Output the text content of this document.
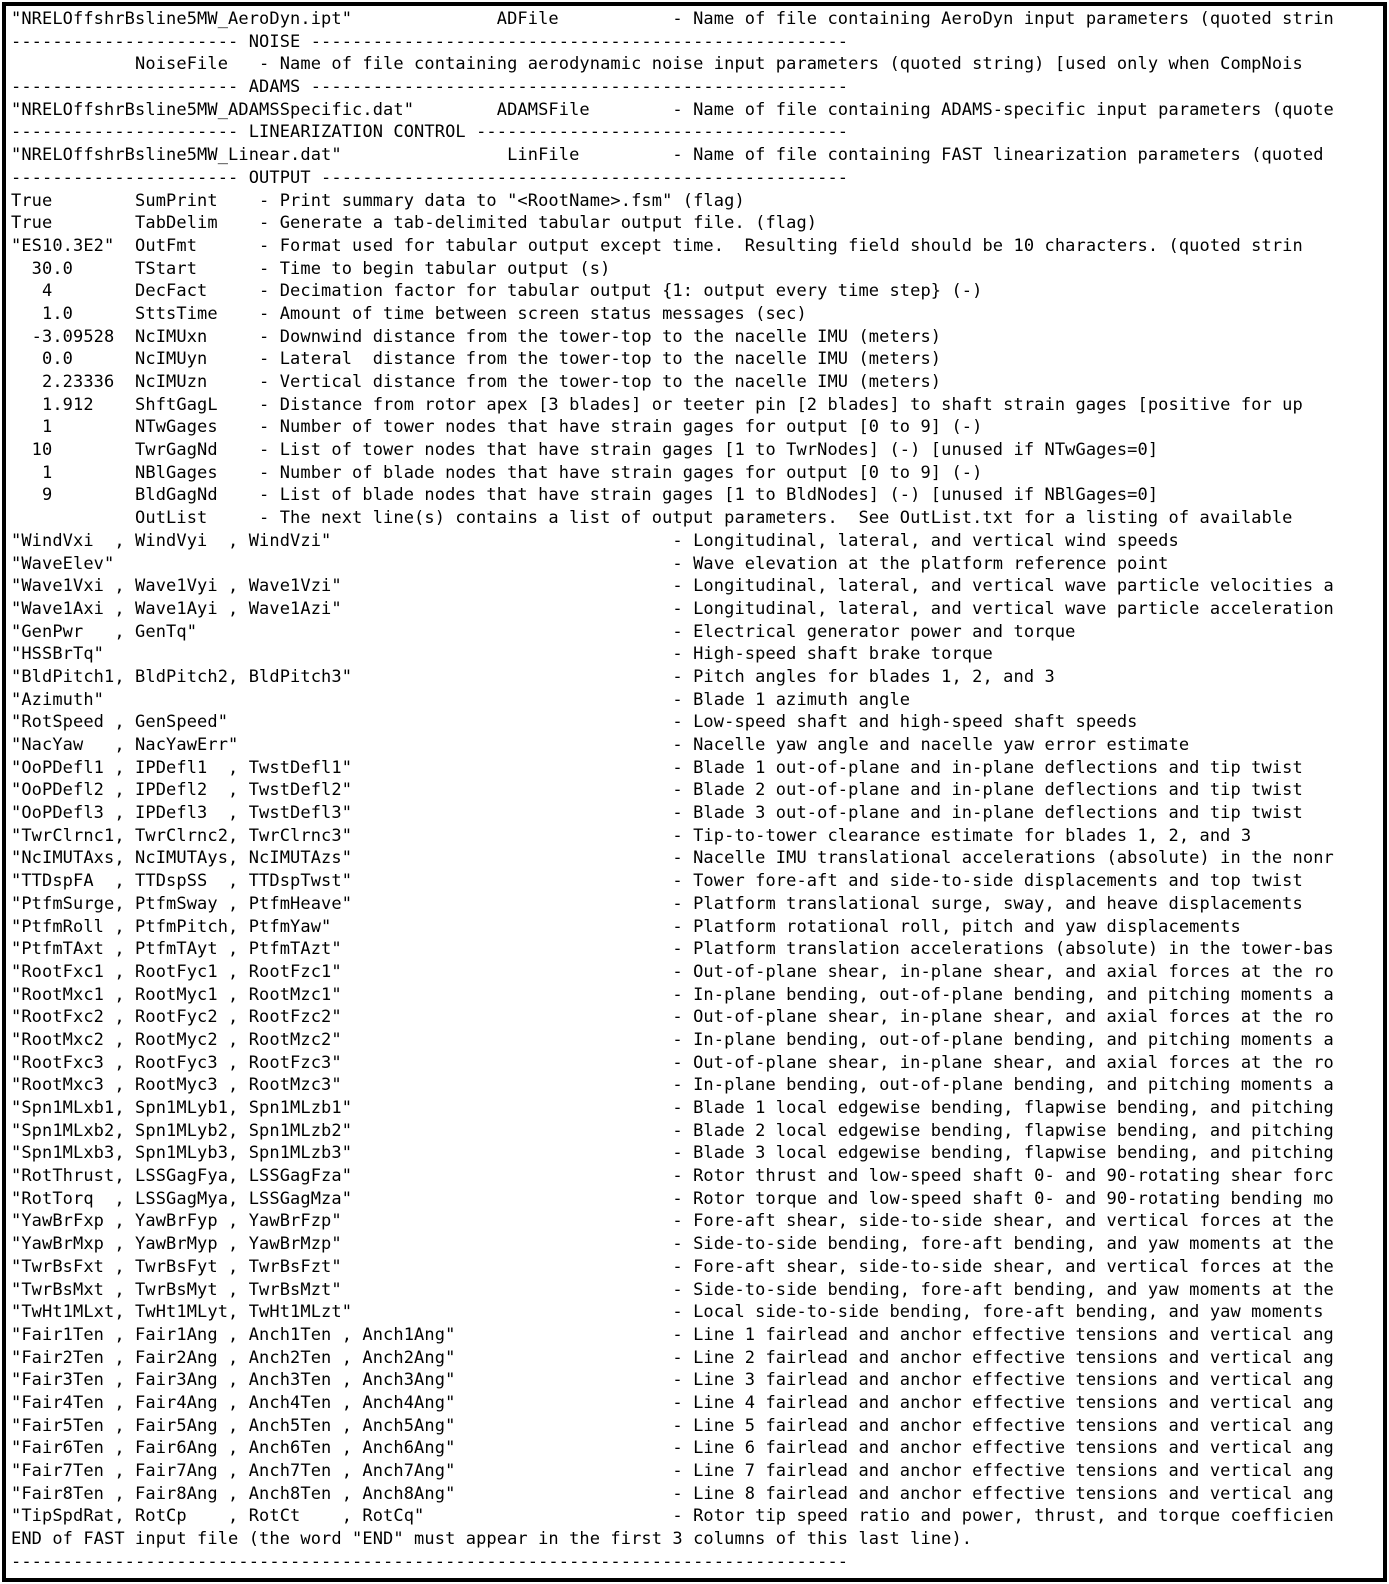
"NRELOffshrBsline5MW_AeroDyn.ipt"              ADFile           - Name of file containing AeroDyn input parameters (quoted strin
---------------------- NOISE ----------------------------------------------------
NoiseFile   - Name of file containing aerodynamic noise input parameters (quoted string) [used only when CompNois
---------------------- ADAMS ----------------------------------------------------
"NRELOffshrBsline5MW_ADAMSSpecific.dat"        ADAMSFile        - Name of file containing ADAMS-specific input parameters (quote
---------------------- LINEARIZATION CONTROL ------------------------------------
"NRELOffshrBsline5MW_Linear.dat"                LinFile         - Name of file containing FAST linearization parameters (quoted
---------------------- OUTPUT ---------------------------------------------------
True        SumPrint    - Print summary data to "<RootName>.fsm" (flag)
True        TabDelim    - Generate a tab-delimited tabular output file. (flag)
"ES10.3E2"  OutFmt      - Format used for tabular output except time.  Resulting field should be 10 characters. (quoted strin
30.0      TStart      - Time to begin tabular output (s)
4        DecFact     - Decimation factor for tabular output {1: output every time step} (-)
1.0      SttsTime    - Amount of time between screen status messages (sec)
-3.09528  NcIMUxn     - Downwind distance from the tower-top to the nacelle IMU (meters)
0.0      NcIMUyn     - Lateral  distance from the tower-top to the nacelle IMU (meters)
2.23336  NcIMUzn     - Vertical distance from the tower-top to the nacelle IMU (meters)
1.912    ShftGagL    - Distance from rotor apex [3 blades] or teeter pin [2 blades] to shaft strain gages [positive for up
1        NTwGages    - Number of tower nodes that have strain gages for output [0 to 9] (-)
10        TwrGagNd    - List of tower nodes that have strain gages [1 to TwrNodes] (-) [unused if NTwGages=0]
1        NBlGages    - Number of blade nodes that have strain gages for output [0 to 9] (-)
9        BldGagNd    - List of blade nodes that have strain gages [1 to BldNodes] (-) [unused if NBlGages=0]
OutList     - The next line(s) contains a list of output parameters.  See OutList.txt for a listing of available
"WindVxi  , WindVyi  , WindVzi"                                 - Longitudinal, lateral, and vertical wind speeds
"WaveElev"                                                      - Wave elevation at the platform reference point
"Wave1Vxi , Wave1Vyi , Wave1Vzi"                                - Longitudinal, lateral, and vertical wave particle velocities a
"Wave1Axi , Wave1Ayi , Wave1Azi"                                - Longitudinal, lateral, and vertical wave particle acceleration
"GenPwr   , GenTq"                                              - Electrical generator power and torque
"HSSBrTq"                                                       - High-speed shaft brake torque
"BldPitch1, BldPitch2, BldPitch3"                               - Pitch angles for blades 1, 2, and 3
"Azimuth"                                                       - Blade 1 azimuth angle
"RotSpeed , GenSpeed"                                           - Low-speed shaft and high-speed shaft speeds
"NacYaw   , NacYawErr"                                          - Nacelle yaw angle and nacelle yaw error estimate
"OoPDefl1 , IPDefl1  , TwstDefl1"                               - Blade 1 out-of-plane and in-plane deflections and tip twist
"OoPDefl2 , IPDefl2  , TwstDefl2"                               - Blade 2 out-of-plane and in-plane deflections and tip twist
"OoPDefl3 , IPDefl3  , TwstDefl3"                               - Blade 3 out-of-plane and in-plane deflections and tip twist
"TwrClrnc1, TwrClrnc2, TwrClrnc3"                               - Tip-to-tower clearance estimate for blades 1, 2, and 3
"NcIMUTAxs, NcIMUTAys, NcIMUTAzs"                               - Nacelle IMU translational accelerations (absolute) in the nonr
"TTDspFA  , TTDspSS  , TTDspTwst"                               - Tower fore-aft and side-to-side displacements and top twist
"PtfmSurge, PtfmSway , PtfmHeave"                               - Platform translational surge, sway, and heave displacements
"PtfmRoll , PtfmPitch, PtfmYaw"                                 - Platform rotational roll, pitch and yaw displacements
"PtfmTAxt , PtfmTAyt , PtfmTAzt"                                - Platform translation accelerations (absolute) in the tower-bas
"RootFxc1 , RootFyc1 , RootFzc1"                                - Out-of-plane shear, in-plane shear, and axial forces at the ro
"RootMxc1 , RootMyc1 , RootMzc1"                                - In-plane bending, out-of-plane bending, and pitching moments a
"RootFxc2 , RootFyc2 , RootFzc2"                                - Out-of-plane shear, in-plane shear, and axial forces at the ro
"RootMxc2 , RootMyc2 , RootMzc2"                                - In-plane bending, out-of-plane bending, and pitching moments a
"RootFxc3 , RootFyc3 , RootFzc3"                                - Out-of-plane shear, in-plane shear, and axial forces at the ro
"RootMxc3 , RootMyc3 , RootMzc3"                                - In-plane bending, out-of-plane bending, and pitching moments a
"Spn1MLxb1, Spn1MLyb1, Spn1MLzb1"                               - Blade 1 local edgewise bending, flapwise bending, and pitching
"Spn1MLxb2, Spn1MLyb2, Spn1MLzb2"                               - Blade 2 local edgewise bending, flapwise bending, and pitching
"Spn1MLxb3, Spn1MLyb3, Spn1MLzb3"                               - Blade 3 local edgewise bending, flapwise bending, and pitching
"RotThrust, LSSGagFya, LSSGagFza"                               - Rotor thrust and low-speed shaft 0- and 90-rotating shear forc
"RotTorq  , LSSGagMya, LSSGagMza"                               - Rotor torque and low-speed shaft 0- and 90-rotating bending mo
"YawBrFxp , YawBrFyp , YawBrFzp"                                - Fore-aft shear, side-to-side shear, and vertical forces at the
"YawBrMxp , YawBrMyp , YawBrMzp"                                - Side-to-side bending, fore-aft bending, and yaw moments at the
"TwrBsFxt , TwrBsFyt , TwrBsFzt"                                - Fore-aft shear, side-to-side shear, and vertical forces at the
"TwrBsMxt , TwrBsMyt , TwrBsMzt"                                - Side-to-side bending, fore-aft bending, and yaw moments at the
"TwHt1MLxt, TwHt1MLyt, TwHt1MLzt"                               - Local side-to-side bending, fore-aft bending, and yaw moments
"Fair1Ten , Fair1Ang , Anch1Ten , Anch1Ang"                     - Line 1 fairlead and anchor effective tensions and vertical ang
"Fair2Ten , Fair2Ang , Anch2Ten , Anch2Ang"                     - Line 2 fairlead and anchor effective tensions and vertical ang
"Fair3Ten , Fair3Ang , Anch3Ten , Anch3Ang"                     - Line 3 fairlead and anchor effective tensions and vertical ang
"Fair4Ten , Fair4Ang , Anch4Ten , Anch4Ang"                     - Line 4 fairlead and anchor effective tensions and vertical ang
"Fair5Ten , Fair5Ang , Anch5Ten , Anch5Ang"                     - Line 5 fairlead and anchor effective tensions and vertical ang
"Fair6Ten , Fair6Ang , Anch6Ten , Anch6Ang"                     - Line 6 fairlead and anchor effective tensions and vertical ang
"Fair7Ten , Fair7Ang , Anch7Ten , Anch7Ang"                     - Line 7 fairlead and anchor effective tensions and vertical ang
"Fair8Ten , Fair8Ang , Anch8Ten , Anch8Ang"                     - Line 8 fairlead and anchor effective tensions and vertical ang
"TipSpdRat, RotCp    , RotCt    , RotCq"                        - Rotor tip speed ratio and power, thrust, and torque coefficien
END of FAST input file (the word "END" must appear in the first 3 columns of this last line).
---------------------------------------------------------------------------------
